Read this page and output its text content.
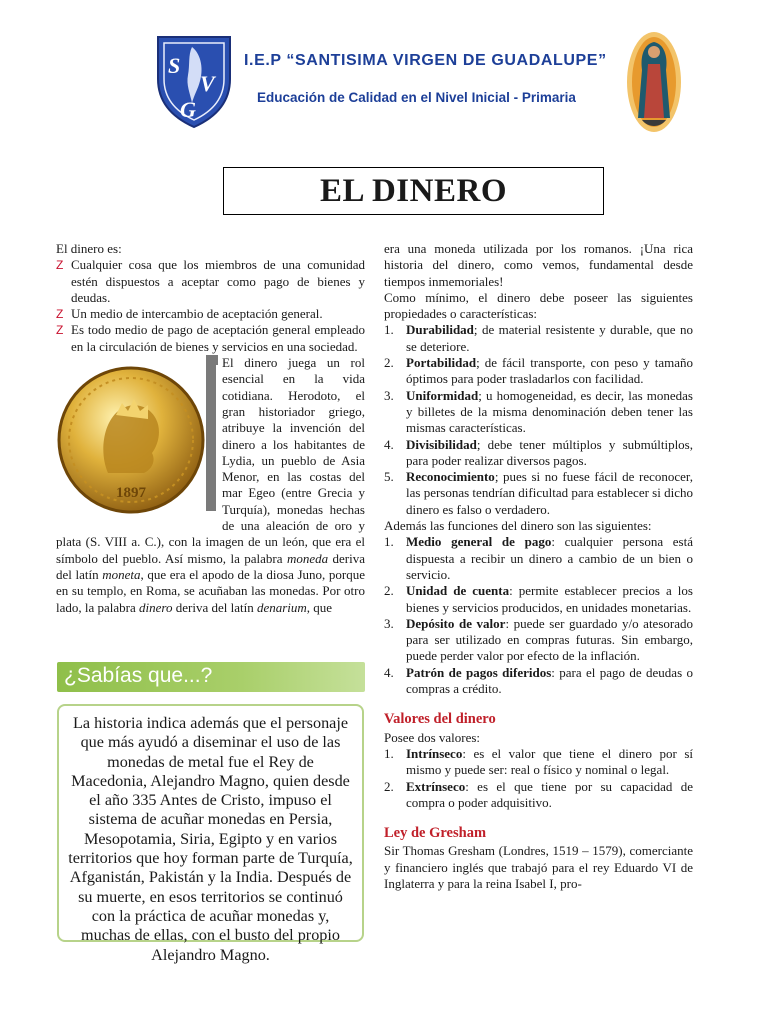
S
V
G
I.E.P “SANTISIMA VIRGEN DE GUADALUPE”
Educación de Calidad en el Nivel Inicial - Primaria
EL DINERO

El dinero es:

Z Cualquier cosa que los miembros de una comunidad estén dispuestos a aceptar como pago de bienes y deudas.

Z Un medio de intercambio de aceptación general.

Z Es todo medio de pago de aceptación general empleado en la circulación de bienes y servicios en una sociedad.

1897

El dinero juega un rol esencial en la vida cotidiana. Herodoto, el gran historiador griego, atribuye la invención del dinero a los habitantes de Lydia, un pueblo de Asia Menor, en las costas del mar Egeo (entre Grecia y Turquía), monedas hechas de una aleación de oro y plata (S. VIII a. C.), con la imagen de un león, que era el símbolo del pueblo. Así mismo, la palabra moneda deriva del latín moneta, que era el apodo de la diosa Juno, porque en su templo, en Roma, se acuñaban las monedas. Por otro lado, la palabra dinero deriva del latín denarium, que

¿Sabías que...?

La historia indica además que el personaje que más ayudó a diseminar el uso de las monedas de metal fue el Rey de Macedonia, Alejandro Magno, quien desde el año 335 Antes de Cristo, impuso el sistema de acuñar monedas en Persia, Mesopotamia, Siria, Egipto y en varios territorios que hoy forman parte de Turquía, Afganistán, Pakistán y la India. Después de su muerte, en esos territorios se continuó con la práctica de acuñar monedas y, muchas de ellas, con el busto del propio Alejandro Magno.

era una moneda utilizada por los romanos. ¡Una rica historia del dinero, como vemos, fundamental desde tiempos inmemoriales!

Como mínimo, el dinero debe poseer las siguientes propiedades o características:

1. Durabilidad; de material resistente y durable, que no se deteriore.

2. Portabilidad; de fácil transporte, con peso y tamaño óptimos para poder trasladarlos con facilidad.

3. Uniformidad; u homogeneidad, es decir, las monedas y billetes de la misma denominación deben tener las mismas características.

4. Divisibilidad; debe tener múltiplos y submúltiplos, para poder realizar diversos pagos.

5. Reconocimiento; pues si no fuese fácil de reconocer, las personas tendrían dificultad para establecer si dicho dinero es falso o verdadero.

Además las funciones del dinero son las siguientes:

1. Medio general de pago: cualquier persona está dispuesta a recibir un dinero a cambio de un bien o servicio.

2. Unidad de cuenta: permite establecer precios a los bienes y servicios producidos, en unidades monetarias.

3. Depósito de valor: puede ser guardado y/o atesorado para ser utilizado en compras futuras. Sin embargo, puede perder valor por efecto de la inflación.

4. Patrón de pagos diferidos: para el pago de deudas o compras a crédito.

Valores del dinero

Posee dos valores:

1. Intrínseco: es el valor que tiene el dinero por sí mismo y puede ser: real o físico y nominal o legal.

2. Extrínseco: es el que tiene por su capacidad de compra o poder adquisitivo.

Ley de Gresham

Sir Thomas Gresham (Londres, 1519 – 1579), comerciante y financiero inglés que trabajó para el rey Eduardo VI de Inglaterra y para la reina Isabel I, pro-
